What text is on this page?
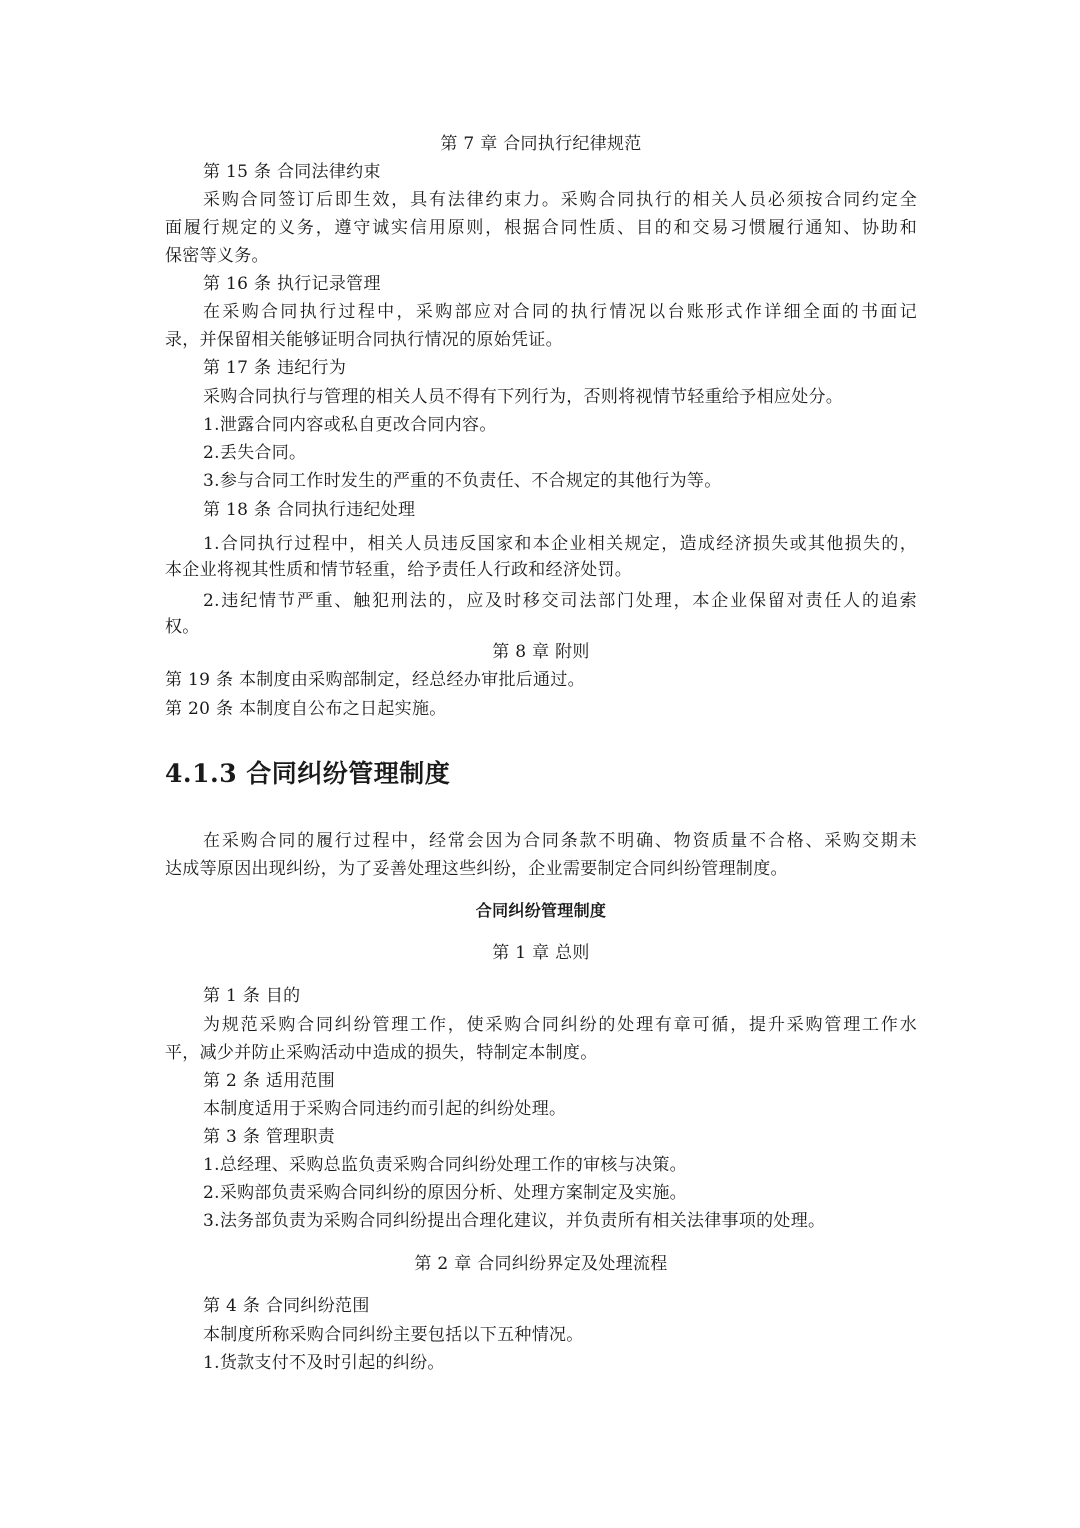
第 7 章 合同执行纪律规范
第 15 条 合同法律约束
采购合同签订后即生效，具有法律约束力。采购合同执行的相关人员必须按合同约定全
面履行规定的义务，遵守诚实信用原则，根据合同性质、目的和交易习惯履行通知、协助和
保密等义务。
第 16 条 执行记录管理
在采购合同执行过程中，采购部应对合同的执行情况以台账形式作详细全面的书面记
录，并保留相关能够证明合同执行情况的原始凭证。
第 17 条 违纪行为
采购合同执行与管理的相关人员不得有下列行为，否则将视情节轻重给予相应处分。
1.泄露合同内容或私自更改合同内容。
2.丢失合同。
3.参与合同工作时发生的严重的不负责任、不合规定的其他行为等。
第 18 条 合同执行违纪处理
1.合同执行过程中，相关人员违反国家和本企业相关规定，造成经济损失或其他损失的，
本企业将视其性质和情节轻重，给予责任人行政和经济处罚。
2.违纪情节严重、触犯刑法的，应及时移交司法部门处理，本企业保留对责任人的追索
权。
第 8 章 附则
第 19 条 本制度由采购部制定，经总经办审批后通过。
第 20 条 本制度自公布之日起实施。
4.1.3 合同纠纷管理制度
在采购合同的履行过程中，经常会因为合同条款不明确、物资质量不合格、采购交期未
达成等原因出现纠纷，为了妥善处理这些纠纷，企业需要制定合同纠纷管理制度。
合同纠纷管理制度
第 1 章 总则
第 1 条 目的
为规范采购合同纠纷管理工作，使采购合同纠纷的处理有章可循，提升采购管理工作水
平，减少并防止采购活动中造成的损失，特制定本制度。
第 2 条 适用范围
本制度适用于采购合同违约而引起的纠纷处理。
第 3 条 管理职责
1.总经理、采购总监负责采购合同纠纷处理工作的审核与决策。
2.采购部负责采购合同纠纷的原因分析、处理方案制定及实施。
3.法务部负责为采购合同纠纷提出合理化建议，并负责所有相关法律事项的处理。
第 2 章 合同纠纷界定及处理流程
第 4 条 合同纠纷范围
本制度所称采购合同纠纷主要包括以下五种情况。
1.货款支付不及时引起的纠纷。
